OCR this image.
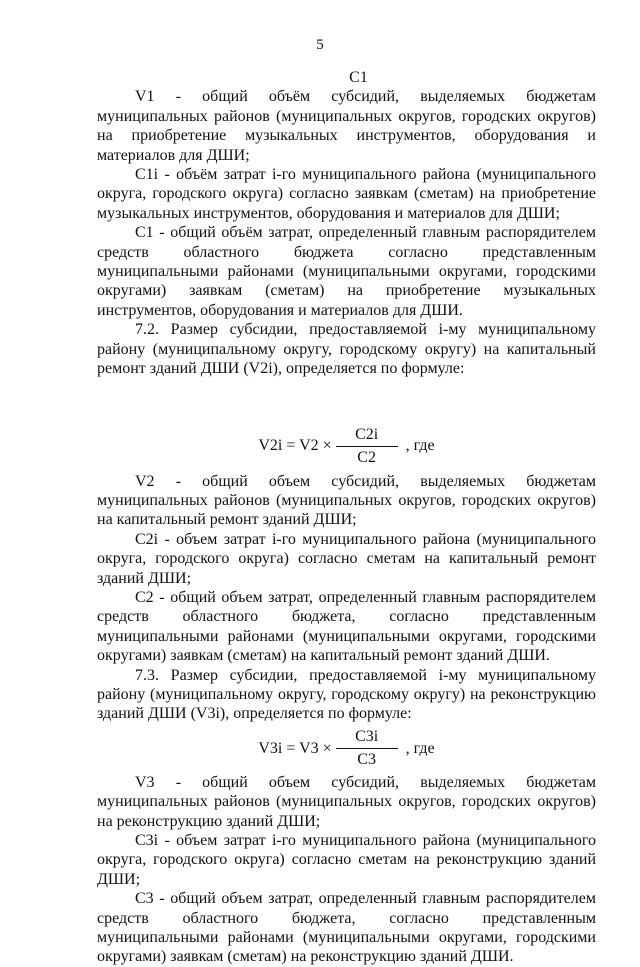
5

C1

V1 - общий объём субсидий, выделяемых бюджетам муниципальных районов (муниципальных округов, городских округов) на приобретение музыкальных инструментов, оборудования и материалов для ДШИ;

C1i - объём затрат i-го муниципального района (муниципального округа, городского округа) согласно заявкам (сметам) на приобретение музыкальных инструментов, оборудования и материалов для ДШИ;

C1 - общий объём затрат, определенный главным распорядителем средств областного бюджета согласно представленным муниципальными районами (муниципальными округами, городскими округами) заявкам (сметам) на приобретение музыкальных инструментов, оборудования и материалов для ДШИ.

7.2. Размер субсидии, предоставляемой i-му муниципальному району (муниципальному округу, городскому округу) на капитальный ремонт зданий ДШИ (V2i), определяется по формуле:

$V2i = V2 \times \frac{C2i}{C2}$ , где

V2 - общий объем субсидий, выделяемых бюджетам муниципальных районов (муниципальных округов, городских округов) на капитальный ремонт зданий ДШИ;

C2i - объем затрат i-го муниципального района (муниципального округа, городского округа) согласно сметам на капитальный ремонт зданий ДШИ;

C2 - общий объем затрат, определенный главным распорядителем средств областного бюджета, согласно представленным муниципальными районами (муниципальными округами, городскими округами) заявкам (сметам) на капитальный ремонт зданий ДШИ.

7.3. Размер субсидии, предоставляемой i-му муниципальному району (муниципальному округу, городскому округу) на реконструкцию зданий ДШИ (V3i), определяется по формуле:

$V3i = V3 \times \frac{C3i}{C3}$ , где

V3 - общий объем субсидий, выделяемых бюджетам муниципальных районов (муниципальных округов, городских округов) на реконструкцию зданий ДШИ;

C3i - объем затрат i-го муниципального района (муниципального округа, городского округа) согласно сметам на реконструкцию зданий ДШИ;

C3 - общий объем затрат, определенный главным распорядителем средств областного бюджета, согласно представленным муниципальными районами (муниципальными округами, городскими округами) заявкам (сметам) на реконструкцию зданий ДШИ.
